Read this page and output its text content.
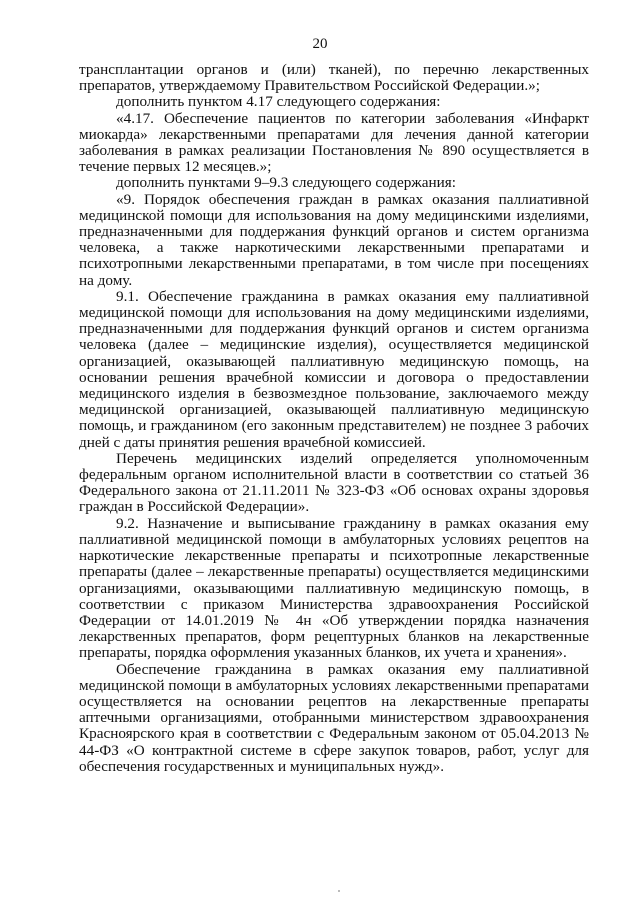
20

трансплантации органов и (или) тканей), по перечню лекарственных препаратов, утверждаемому Правительством Российской Федерации.»;

дополнить пунктом 4.17 следующего содержания:

«4.17. Обеспечение пациентов по категории заболевания «Инфаркт миокарда» лекарственными препаратами для лечения данной категории заболевания в рамках реализации Постановления № 890 осуществляется в течение первых 12 месяцев.»;

дополнить пунктами 9–9.3 следующего содержания:

«9. Порядок обеспечения граждан в рамках оказания паллиативной медицинской помощи для использования на дому медицинскими изделиями, предназначенными для поддержания функций органов и систем организма человека, а также наркотическими лекарственными препаратами и психотропными лекарственными препаратами, в том числе при посещениях на дому.

9.1. Обеспечение гражданина в рамках оказания ему паллиативной медицинской помощи для использования на дому медицинскими изделиями, предназначенными для поддержания функций органов и систем организма человека (далее – медицинские изделия), осуществляется медицинской организацией, оказывающей паллиативную медицинскую помощь, на основании решения врачебной комиссии и договора о предоставлении медицинского изделия в безвозмездное пользование, заключаемого между медицинской организацией, оказывающей паллиативную медицинскую помощь, и гражданином (его законным представителем) не позднее 3 рабочих дней с даты принятия решения врачебной комиссией.

Перечень медицинских изделий определяется уполномоченным федеральным органом исполнительной власти в соответствии со статьей 36 Федерального закона от 21.11.2011 № 323-ФЗ «Об основах охраны здоровья граждан в Российской Федерации».

9.2. Назначение и выписывание гражданину в рамках оказания ему паллиативной медицинской помощи в амбулаторных условиях рецептов на наркотические лекарственные препараты и психотропные лекарственные препараты (далее – лекарственные препараты) осуществляется медицинскими организациями, оказывающими паллиативную медицинскую помощь, в соответствии с приказом Министерства здравоохранения Российской Федерации от 14.01.2019 № 4н «Об утверждении порядка назначения лекарственных препаратов, форм рецептурных бланков на лекарственные препараты, порядка оформления указанных бланков, их учета и хранения».

Обеспечение гражданина в рамках оказания ему паллиативной медицинской помощи в амбулаторных условиях лекарственными препаратами осуществляется на основании рецептов на лекарственные препараты аптечными организациями, отобранными министерством здравоохранения Красноярского края в соответствии с Федеральным законом от 05.04.2013 № 44-ФЗ «О контрактной системе в сфере закупок товаров, работ, услуг для обеспечения государственных и муниципальных нужд».
